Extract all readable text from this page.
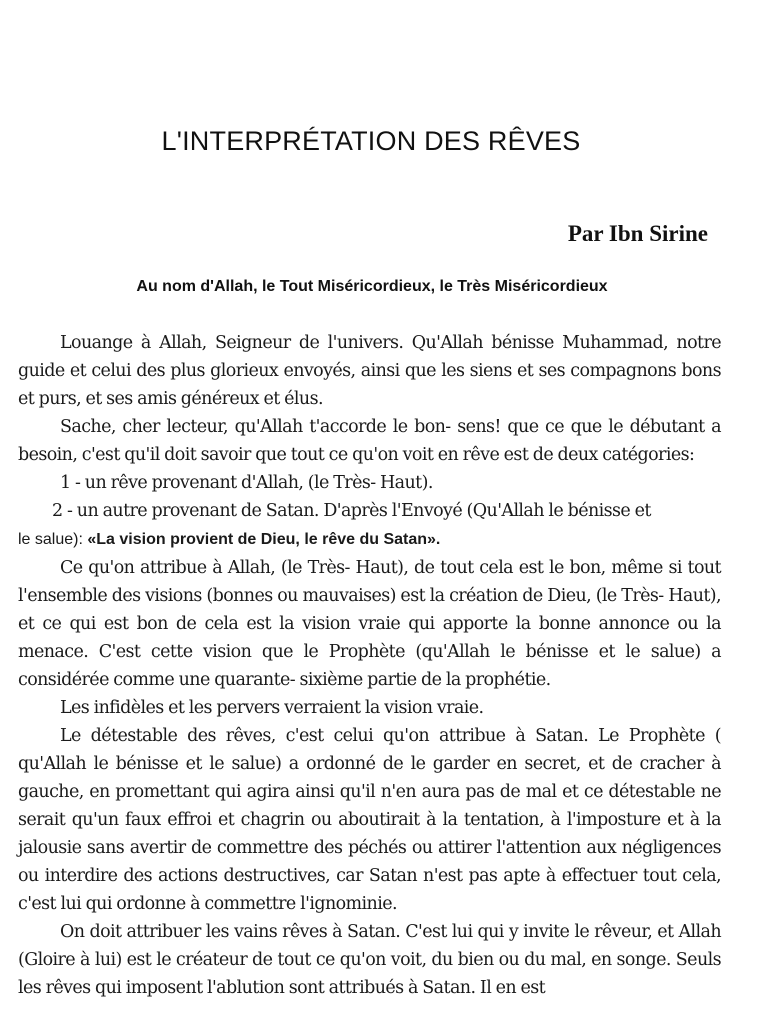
L'INTERPRÉTATION DES RÊVES
Par Ibn Sirine

Au nom d'Allah, le Tout Miséricordieux, le Très Miséricordieux

Louange à Allah, Seigneur de l'univers. Qu'Allah bénisse Muhammad, notre guide et celui des plus glorieux envoyés, ainsi que les siens et ses compagnons bons et purs, et ses amis généreux et élus.

Sache, cher lecteur, qu'Allah t'accorde le bon- sens! que ce que le débutant a besoin, c'est qu'il doit savoir que tout ce qu'on voit en rêve est de deux catégories:

1 - un rêve provenant d'Allah, (le Très- Haut).

2 - un autre provenant de Satan. D'après l'Envoyé (Qu'Allah le bénisse et

le salue): «La vision provient de Dieu, le rêve du Satan».

Ce qu'on attribue à Allah, (le Très- Haut), de tout cela est le bon, même si tout l'ensemble des visions (bonnes ou mauvaises) est la création de Dieu, (le Très- Haut), et ce qui est bon de cela est la vision vraie qui apporte la bonne annonce ou la menace. C'est cette vision que le Prophète (qu'Allah le bénisse et le salue) a considérée comme une quarante- sixième partie de la prophétie.

Les infidèles et les pervers verraient la vision vraie.

Le détestable des rêves, c'est celui qu'on attribue à Satan. Le Prophète ( qu'Allah le bénisse et le salue) a ordonné de le garder en secret, et de cracher à gauche, en promettant qui agira ainsi qu'il n'en aura pas de mal et ce détestable ne serait qu'un faux effroi et chagrin ou aboutirait à la tentation, à l'imposture et à la jalousie sans avertir de commettre des péchés ou attirer l'attention aux négligences ou interdire des actions destructives, car Satan n'est pas apte à effectuer tout cela, c'est lui qui ordonne à commettre l'ignominie.

On doit attribuer les vains rêves à Satan. C'est lui qui y invite le rêveur, et Allah (Gloire à lui) est le créateur de tout ce qu'on voit, du bien ou du mal, en songe. Seuls les rêves qui imposent l'ablution sont attribués à Satan. Il en est
